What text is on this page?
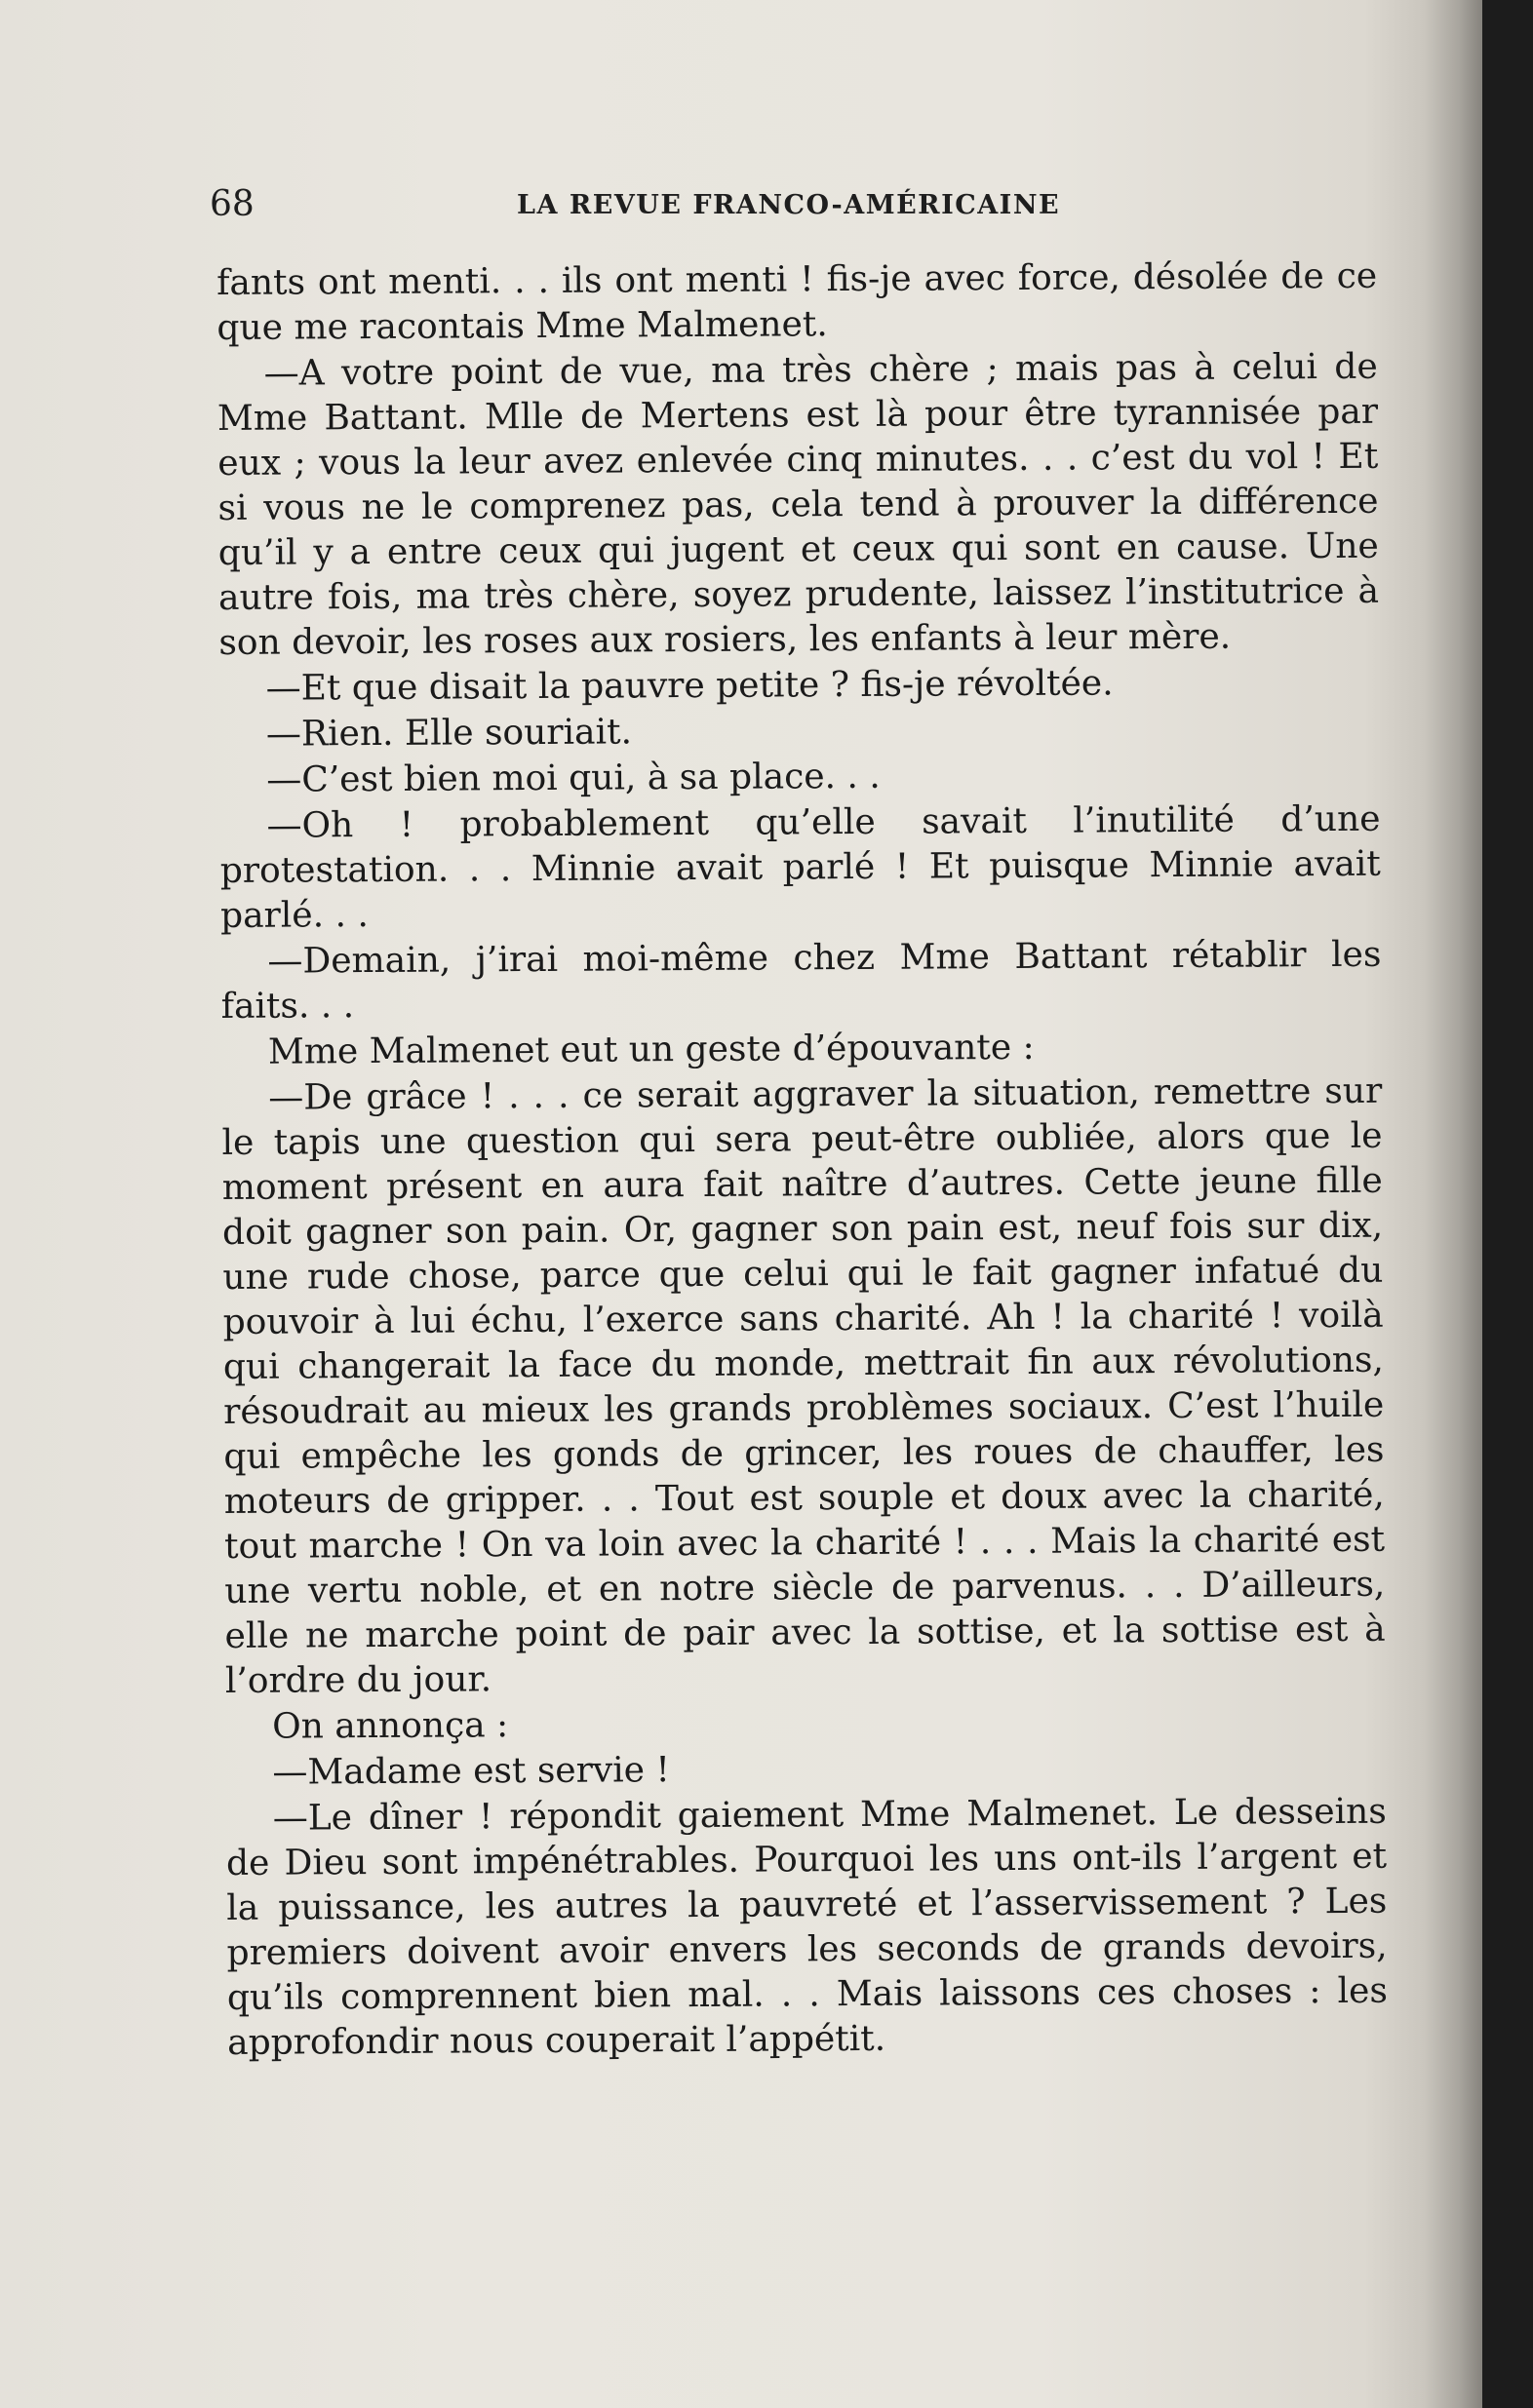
68	LA REVUE FRANCO-AMÉRICAINE

fants ont menti. . . ils ont menti ! fis-je avec force, désolée de ce que me racontais Mme Malmenet.

—A votre point de vue, ma très chère ; mais pas à celui de Mme Battant. Mlle de Mertens est là pour être tyrannisée par eux ; vous la leur avez enlevée cinq minutes. . . c’est du vol ! Et si vous ne le comprenez pas, cela tend à prouver la différence qu’il y a entre ceux qui jugent et ceux qui sont en cause. Une autre fois, ma très chère, soyez prudente, laissez l’institutrice à son devoir, les roses aux rosiers, les enfants à leur mère.

—Et que disait la pauvre petite ? fis-je révoltée.

—Rien. Elle souriait.

—C’est bien moi qui, à sa place. . .

—Oh ! probablement qu’elle savait l’inutilité d’une protestation. . . Minnie avait parlé ! Et puisque Minnie avait parlé. . .

—Demain, j’irai moi-même chez Mme Battant rétablir les faits. . .

Mme Malmenet eut un geste d’épouvante :

—De grâce ! . . . ce serait aggraver la situation, remettre sur le tapis une question qui sera peut-être oubliée, alors que le moment présent en aura fait naître d’autres. Cette jeune fille doit gagner son pain. Or, gagner son pain est, neuf fois sur dix, une rude chose, parce que celui qui le fait gagner infatué du pouvoir à lui échu, l’exerce sans charité. Ah ! la charité ! voilà qui changerait la face du monde, mettrait fin aux révolutions, résoudrait au mieux les grands problèmes sociaux. C’est l’huile qui empêche les gonds de grincer, les roues de chauffer, les moteurs de gripper. . . Tout est souple et doux avec la charité, tout marche ! On va loin avec la charité ! . . . Mais la charité est une vertu noble, et en notre siècle de parvenus. . . D’ailleurs, elle ne marche point de pair avec la sottise, et la sottise est à l’ordre du jour.

On annonça :

—Madame est servie !

—Le dîner ! répondit gaiement Mme Malmenet. Le desseins de Dieu sont impénétrables. Pourquoi les uns ont-ils l’argent et la puissance, les autres la pauvreté et l’asservissement ? Les premiers doivent avoir envers les seconds de grands devoirs, qu’ils comprennent bien mal. . . Mais laissons ces choses : les approfondir nous couperait l’appétit.
